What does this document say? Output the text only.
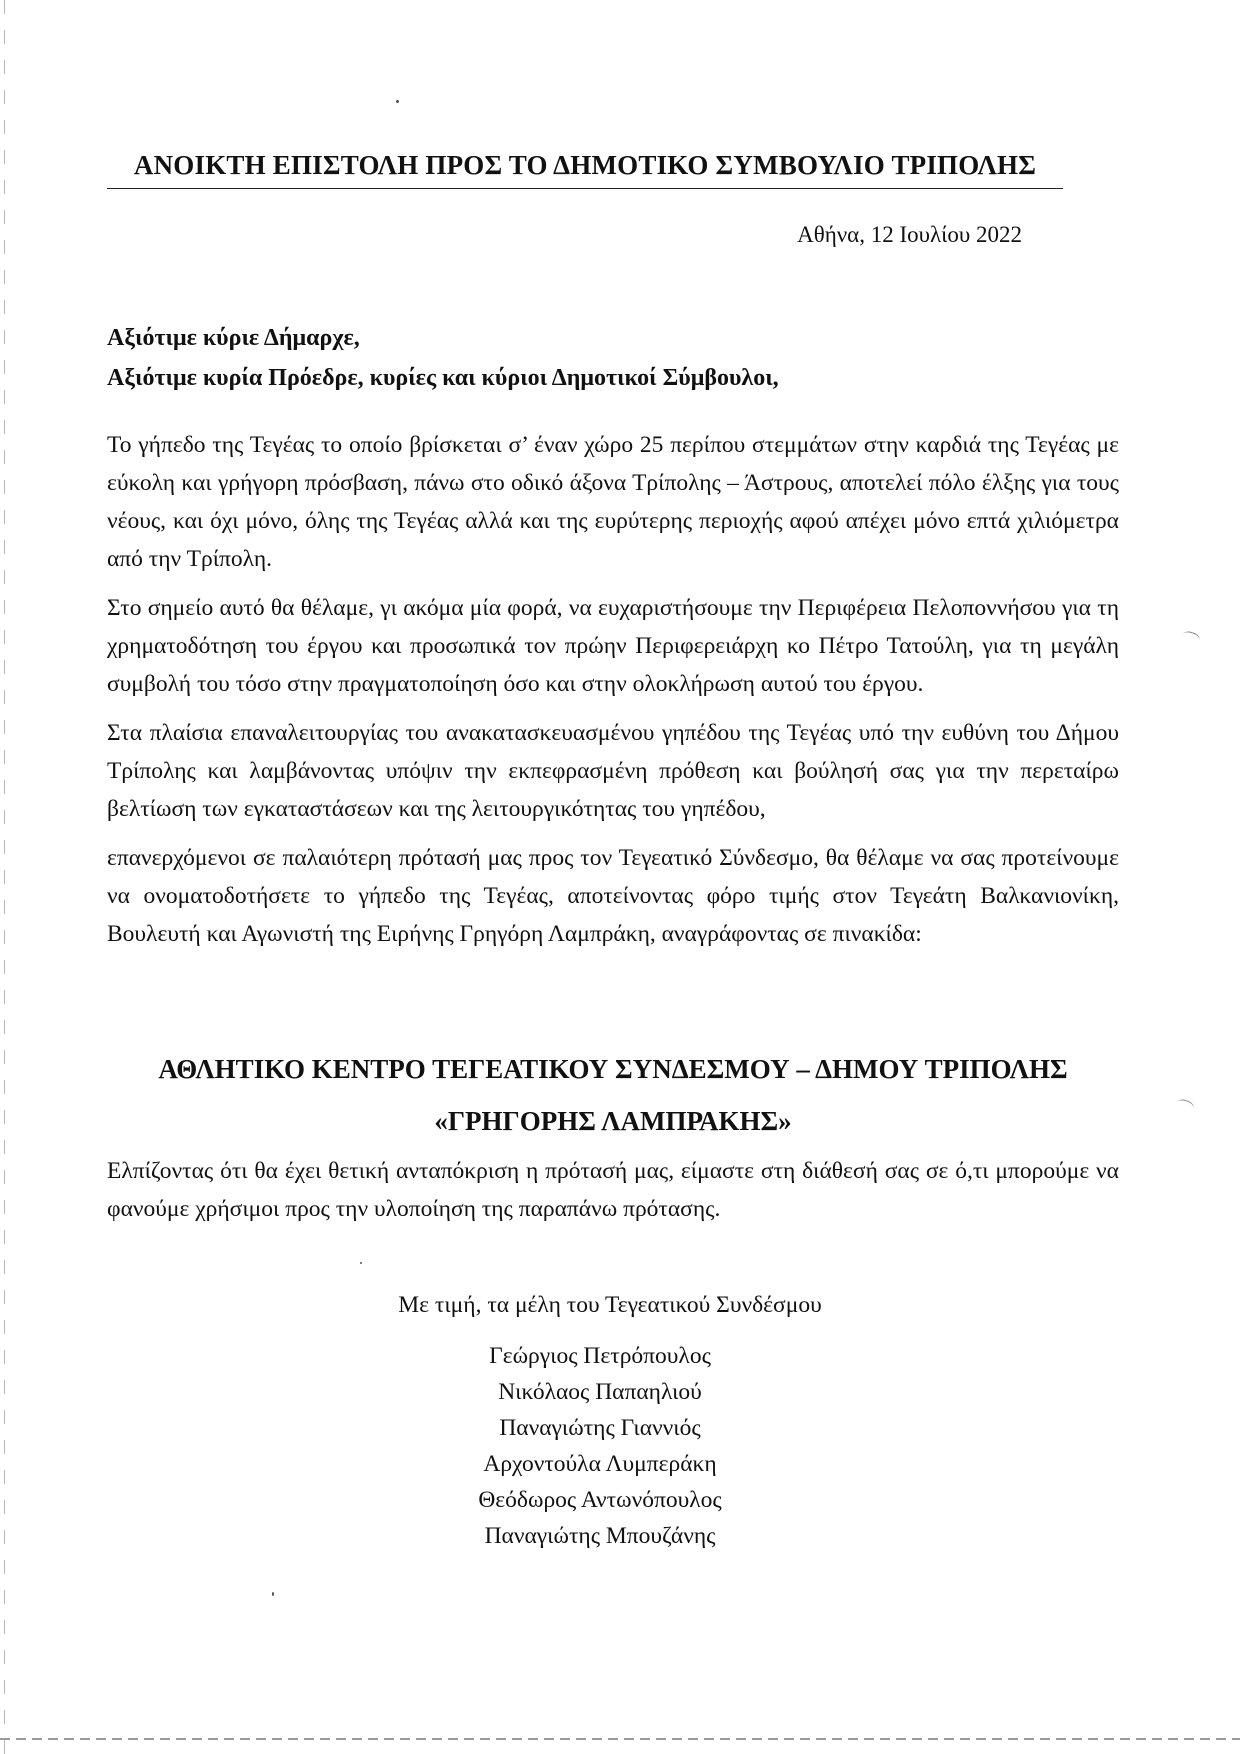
ΑΝΟΙΚΤΗ ΕΠΙΣΤΟΛΗ ΠΡΟΣ ΤΟ ΔΗΜΟΤΙΚΟ ΣΥΜΒΟΥΛΙΟ ΤΡΙΠΟΛΗΣ
Αθήνα, 12 Ιουλίου 2022
Αξιότιμε κύριε Δήμαρχε,
Αξιότιμε κυρία Πρόεδρε, κυρίες και κύριοι Δημοτικοί Σύμβουλοι,

Το γήπεδο της Τεγέας το οποίο βρίσκεται σ’ έναν χώρο 25 περίπου στεμμάτων στην καρδιά της Τεγέας με εύκολη και γρήγορη πρόσβαση, πάνω στο οδικό άξονα Τρίπολης – Άστρους, αποτελεί πόλο έλξης για τους νέους, και όχι μόνο, όλης της Τεγέας αλλά και της ευρύτερης περιοχής αφού απέχει μόνο επτά χιλιόμετρα από την Τρίπολη.

Στο σημείο αυτό θα θέλαμε, γι ακόμα μία φορά, να ευχαριστήσουμε την Περιφέρεια Πελοποννήσου για τη χρηματοδότηση του έργου και προσωπικά τον πρώην Περιφερειάρχη κο Πέτρο Τατούλη, για τη μεγάλη συμβολή του τόσο στην πραγματοποίηση όσο και στην ολοκλήρωση αυτού του έργου.

Στα πλαίσια επαναλειτουργίας του ανακατασκευασμένου γηπέδου της Τεγέας υπό την ευθύνη του Δήμου Τρίπολης και λαμβάνοντας υπόψιν την εκπεφρασμένη πρόθεση και βούλησή σας για την περεταίρω βελτίωση των εγκαταστάσεων και της λειτουργικότητας του γηπέδου,

επανερχόμενοι σε παλαιότερη πρότασή μας προς τον Τεγεατικό Σύνδεσμο, θα θέλαμε να σας προτείνουμε να ονοματοδοτήσετε το γήπεδο της Τεγέας, αποτείνοντας φόρο τιμής στον Τεγεάτη Βαλκανιονίκη, Βουλευτή και Αγωνιστή της Ειρήνης Γρηγόρη Λαμπράκη, αναγράφοντας σε πινακίδα:

ΑΘΛΗΤΙΚΟ ΚΕΝΤΡΟ ΤΕΓΕΑΤΙΚΟΥ ΣΥΝΔΕΣΜΟΥ – ΔΗΜΟΥ ΤΡΙΠΟΛΗΣ
«ΓΡΗΓΟΡΗΣ ΛΑΜΠΡΑΚΗΣ»

Ελπίζοντας ότι θα έχει θετική ανταπόκριση η πρότασή μας, είμαστε στη διάθεσή σας σε ό,τι μπορούμε να φανούμε χρήσιμοι προς την υλοποίηση της παραπάνω πρότασης.

Με τιμή, τα μέλη του Τεγεατικού Συνδέσμου
Γεώργιος Πετρόπουλος
Νικόλαος Παπαηλιού
Παναγιώτης Γιαννιός
Αρχοντούλα Λυμπεράκη
Θεόδωρος Αντωνόπουλος
Παναγιώτης Μπουζάνης
